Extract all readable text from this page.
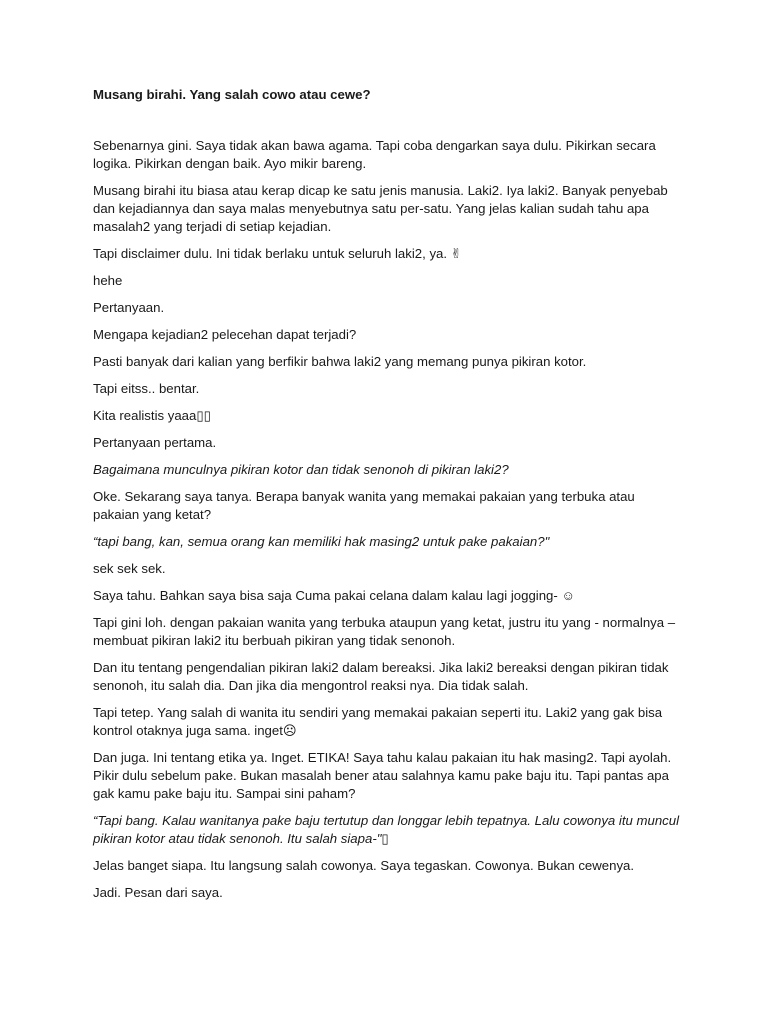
Musang birahi. Yang salah cowo atau cewe?

Sebenarnya gini. Saya tidak akan bawa agama. Tapi coba dengarkan saya dulu. Pikirkan secara logika. Pikirkan dengan baik. Ayo mikir bareng.

Musang birahi itu biasa atau kerap dicap ke satu jenis manusia. Laki2. Iya laki2. Banyak penyebab dan kejadiannya dan saya malas menyebutnya satu per-satu. Yang jelas kalian sudah tahu apa masalah2 yang terjadi di setiap kejadian.

Tapi disclaimer dulu. Ini tidak berlaku untuk seluruh laki2, ya. ✌

hehe

Pertanyaan.

Mengapa kejadian2 pelecehan dapat terjadi?

Pasti banyak dari kalian yang berfikir bahwa laki2 yang memang punya pikiran kotor.

Tapi eitss.. bentar.

Kita realistis yaaa▯▯

Pertanyaan pertama.

Bagaimana munculnya pikiran kotor dan tidak senonoh di pikiran laki2?

Oke. Sekarang saya tanya. Berapa banyak wanita yang memakai pakaian yang terbuka atau pakaian yang ketat?

“tapi bang, kan, semua orang kan memiliki hak masing2 untuk pake pakaian?"

sek sek sek.

Saya tahu. Bahkan saya bisa saja Cuma pakai celana dalam kalau lagi jogging- ☺

Tapi gini loh. dengan pakaian wanita yang terbuka ataupun yang ketat, justru itu yang - normalnya – membuat pikiran laki2 itu berbuah pikiran yang tidak senonoh.

Dan itu tentang pengendalian pikiran laki2 dalam bereaksi. Jika laki2 bereaksi dengan pikiran tidak senonoh, itu salah dia. Dan jika dia mengontrol reaksi nya. Dia tidak salah.

Tapi tetep. Yang salah di wanita itu sendiri yang memakai pakaian seperti itu. Laki2 yang gak bisa kontrol otaknya juga sama. inget☹

Dan juga. Ini tentang etika ya. Inget. ETIKA! Saya tahu kalau pakaian itu hak masing2. Tapi ayolah. Pikir dulu sebelum pake. Bukan masalah bener atau salahnya kamu pake baju itu. Tapi pantas apa gak kamu pake baju itu. Sampai sini paham?

“Tapi bang. Kalau wanitanya pake baju tertutup dan longgar lebih tepatnya. Lalu cowonya itu muncul pikiran kotor atau tidak senonoh. Itu salah siapa-"▯

Jelas banget siapa. Itu langsung salah cowonya. Saya tegaskan. Cowonya. Bukan cewenya.

Jadi. Pesan dari saya.
